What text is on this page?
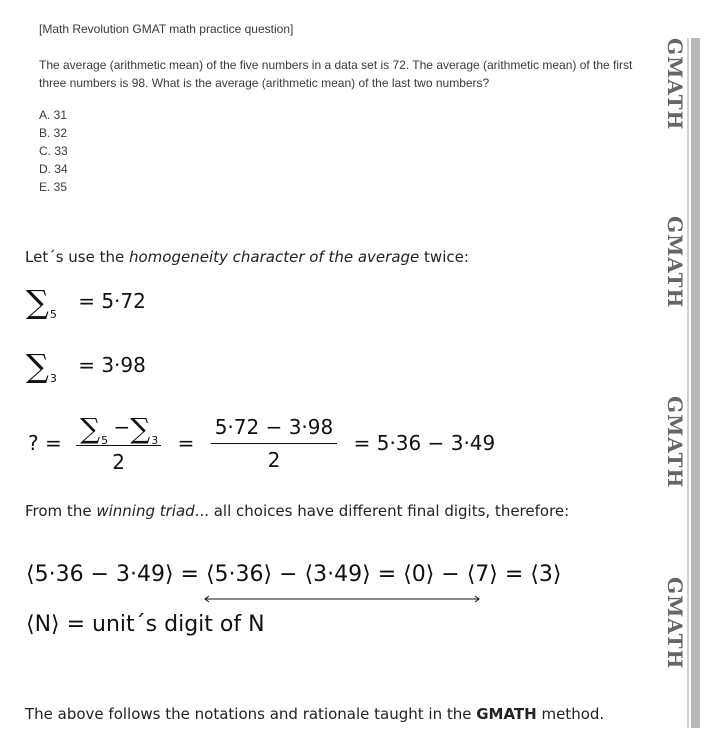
[Math Revolution GMAT math practice question]
The average (arithmetic mean) of the five numbers in a data set is 72. The average (arithmetic mean) of the first three numbers is 98. What is the average (arithmetic mean) of the last two numbers?
A. 31
B. 32
C. 33
D. 34
E. 35
Let´s use the homogeneity character of the average twice:
$\sum_5 = 5\cdot 72$
$\sum_3 = 3\cdot 98$
? = $\frac{\sum_5 -\sum_3}{2} = \frac{5\cdot 72 - 3\cdot 98}{2} = 5\cdot 36 - 3\cdot 49$
From the winning triad... all choices have different final digits, therefore:
⟨5·36 − 3·49⟩ = ⟨5·36⟩ − ⟨3·49⟩ = ⟨0⟩ − ⟨7⟩ = ⟨3⟩
⟨N⟩ = unit´s digit of N
The above follows the notations and rationale taught in the GMATH method.
GMATH
GMATH
GMATH
GMATH
